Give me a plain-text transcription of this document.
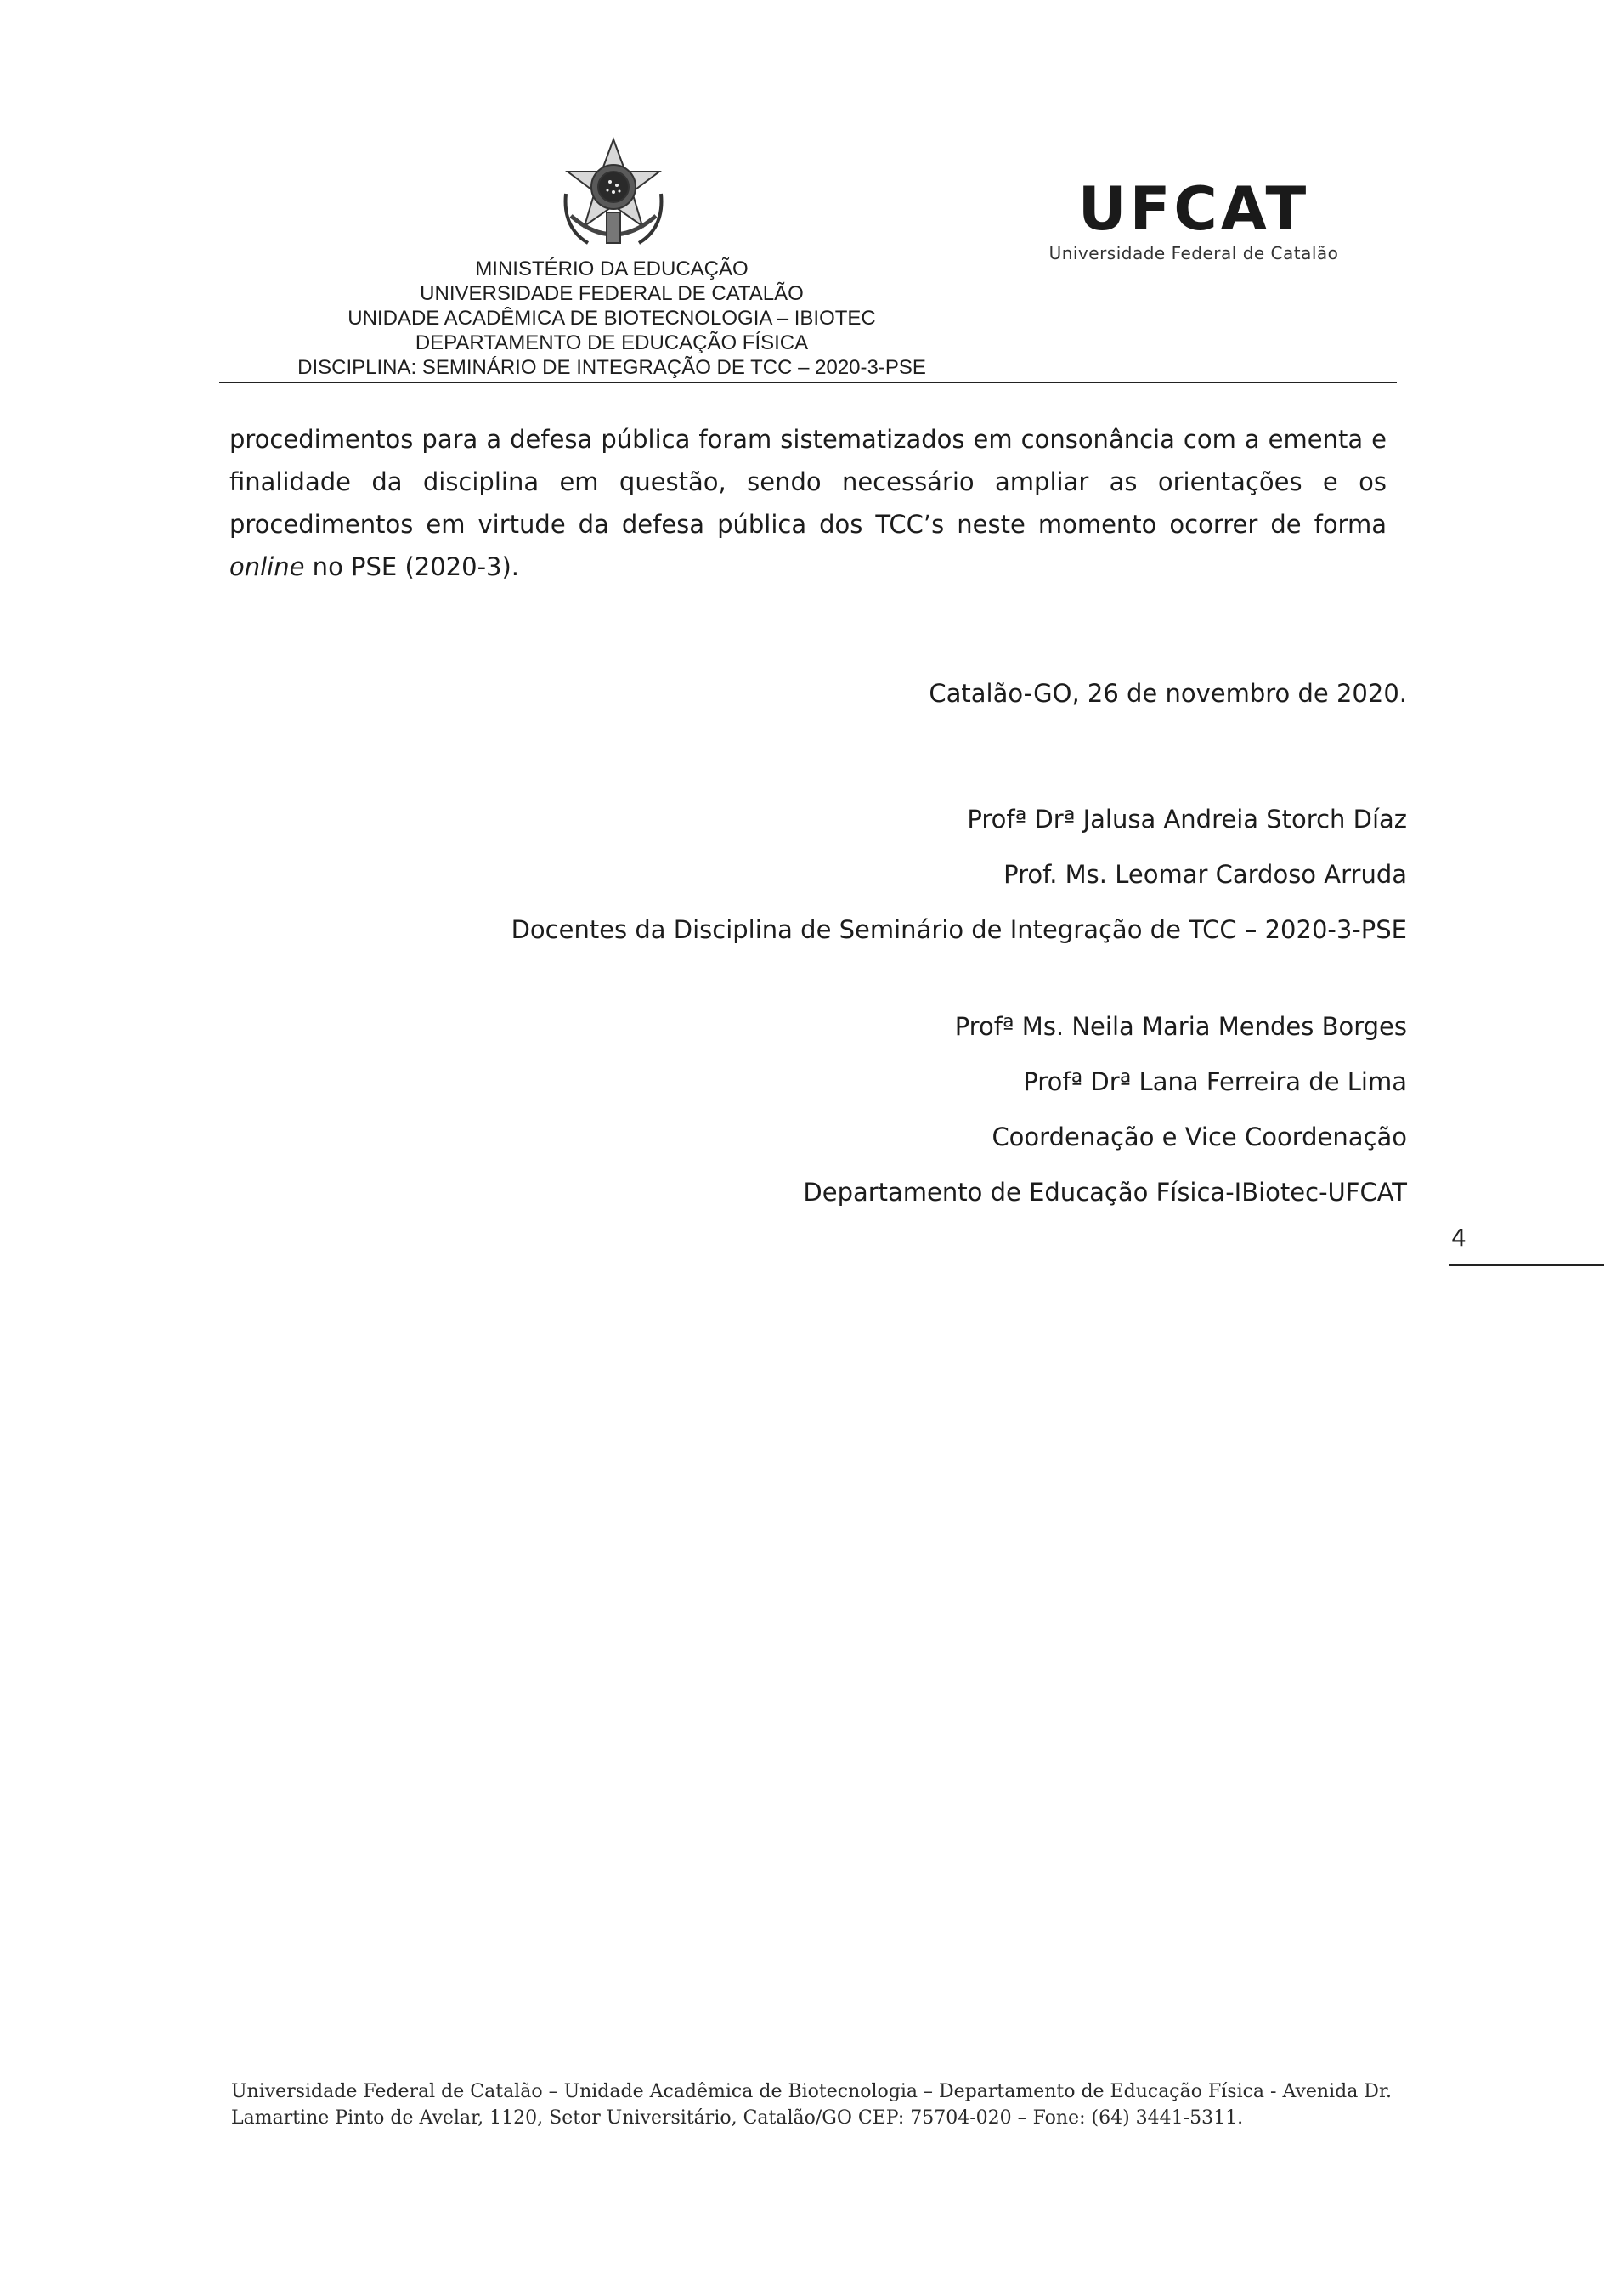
MINISTÉRIO DA EDUCAÇÃO
UNIVERSIDADE FEDERAL DE CATALÃO
UNIDADE ACADÊMICA DE BIOTECNOLOGIA – IBIOTEC
DEPARTAMENTO DE EDUCAÇÃO FÍSICA
DISCIPLINA: SEMINÁRIO DE INTEGRAÇÃO DE TCC – 2020-3-PSE
UFCAT
Universidade Federal de Catalão

procedimentos para a defesa pública foram sistematizados em consonância com a ementa e finalidade da disciplina em questão, sendo necessário ampliar as orientações e os procedimentos em virtude da defesa pública dos TCC’s neste momento ocorrer de forma online no PSE (2020-3).

Catalão-GO, 26 de novembro de 2020.
Profª Drª Jalusa Andreia Storch Díaz
Prof. Ms. Leomar Cardoso Arruda
Docentes da Disciplina de Seminário de Integração de TCC – 2020-3-PSE
Profª Ms. Neila Maria Mendes Borges
Profª Drª Lana Ferreira de Lima
Coordenação e Vice Coordenação
Departamento de Educação Física-IBiotec-UFCAT
4
Universidade Federal de Catalão – Unidade Acadêmica de Biotecnologia – Departamento de Educação Física - Avenida Dr.
Lamartine Pinto de Avelar, 1120, Setor Universitário, Catalão/GO CEP: 75704-020 – Fone: (64) 3441-5311.
